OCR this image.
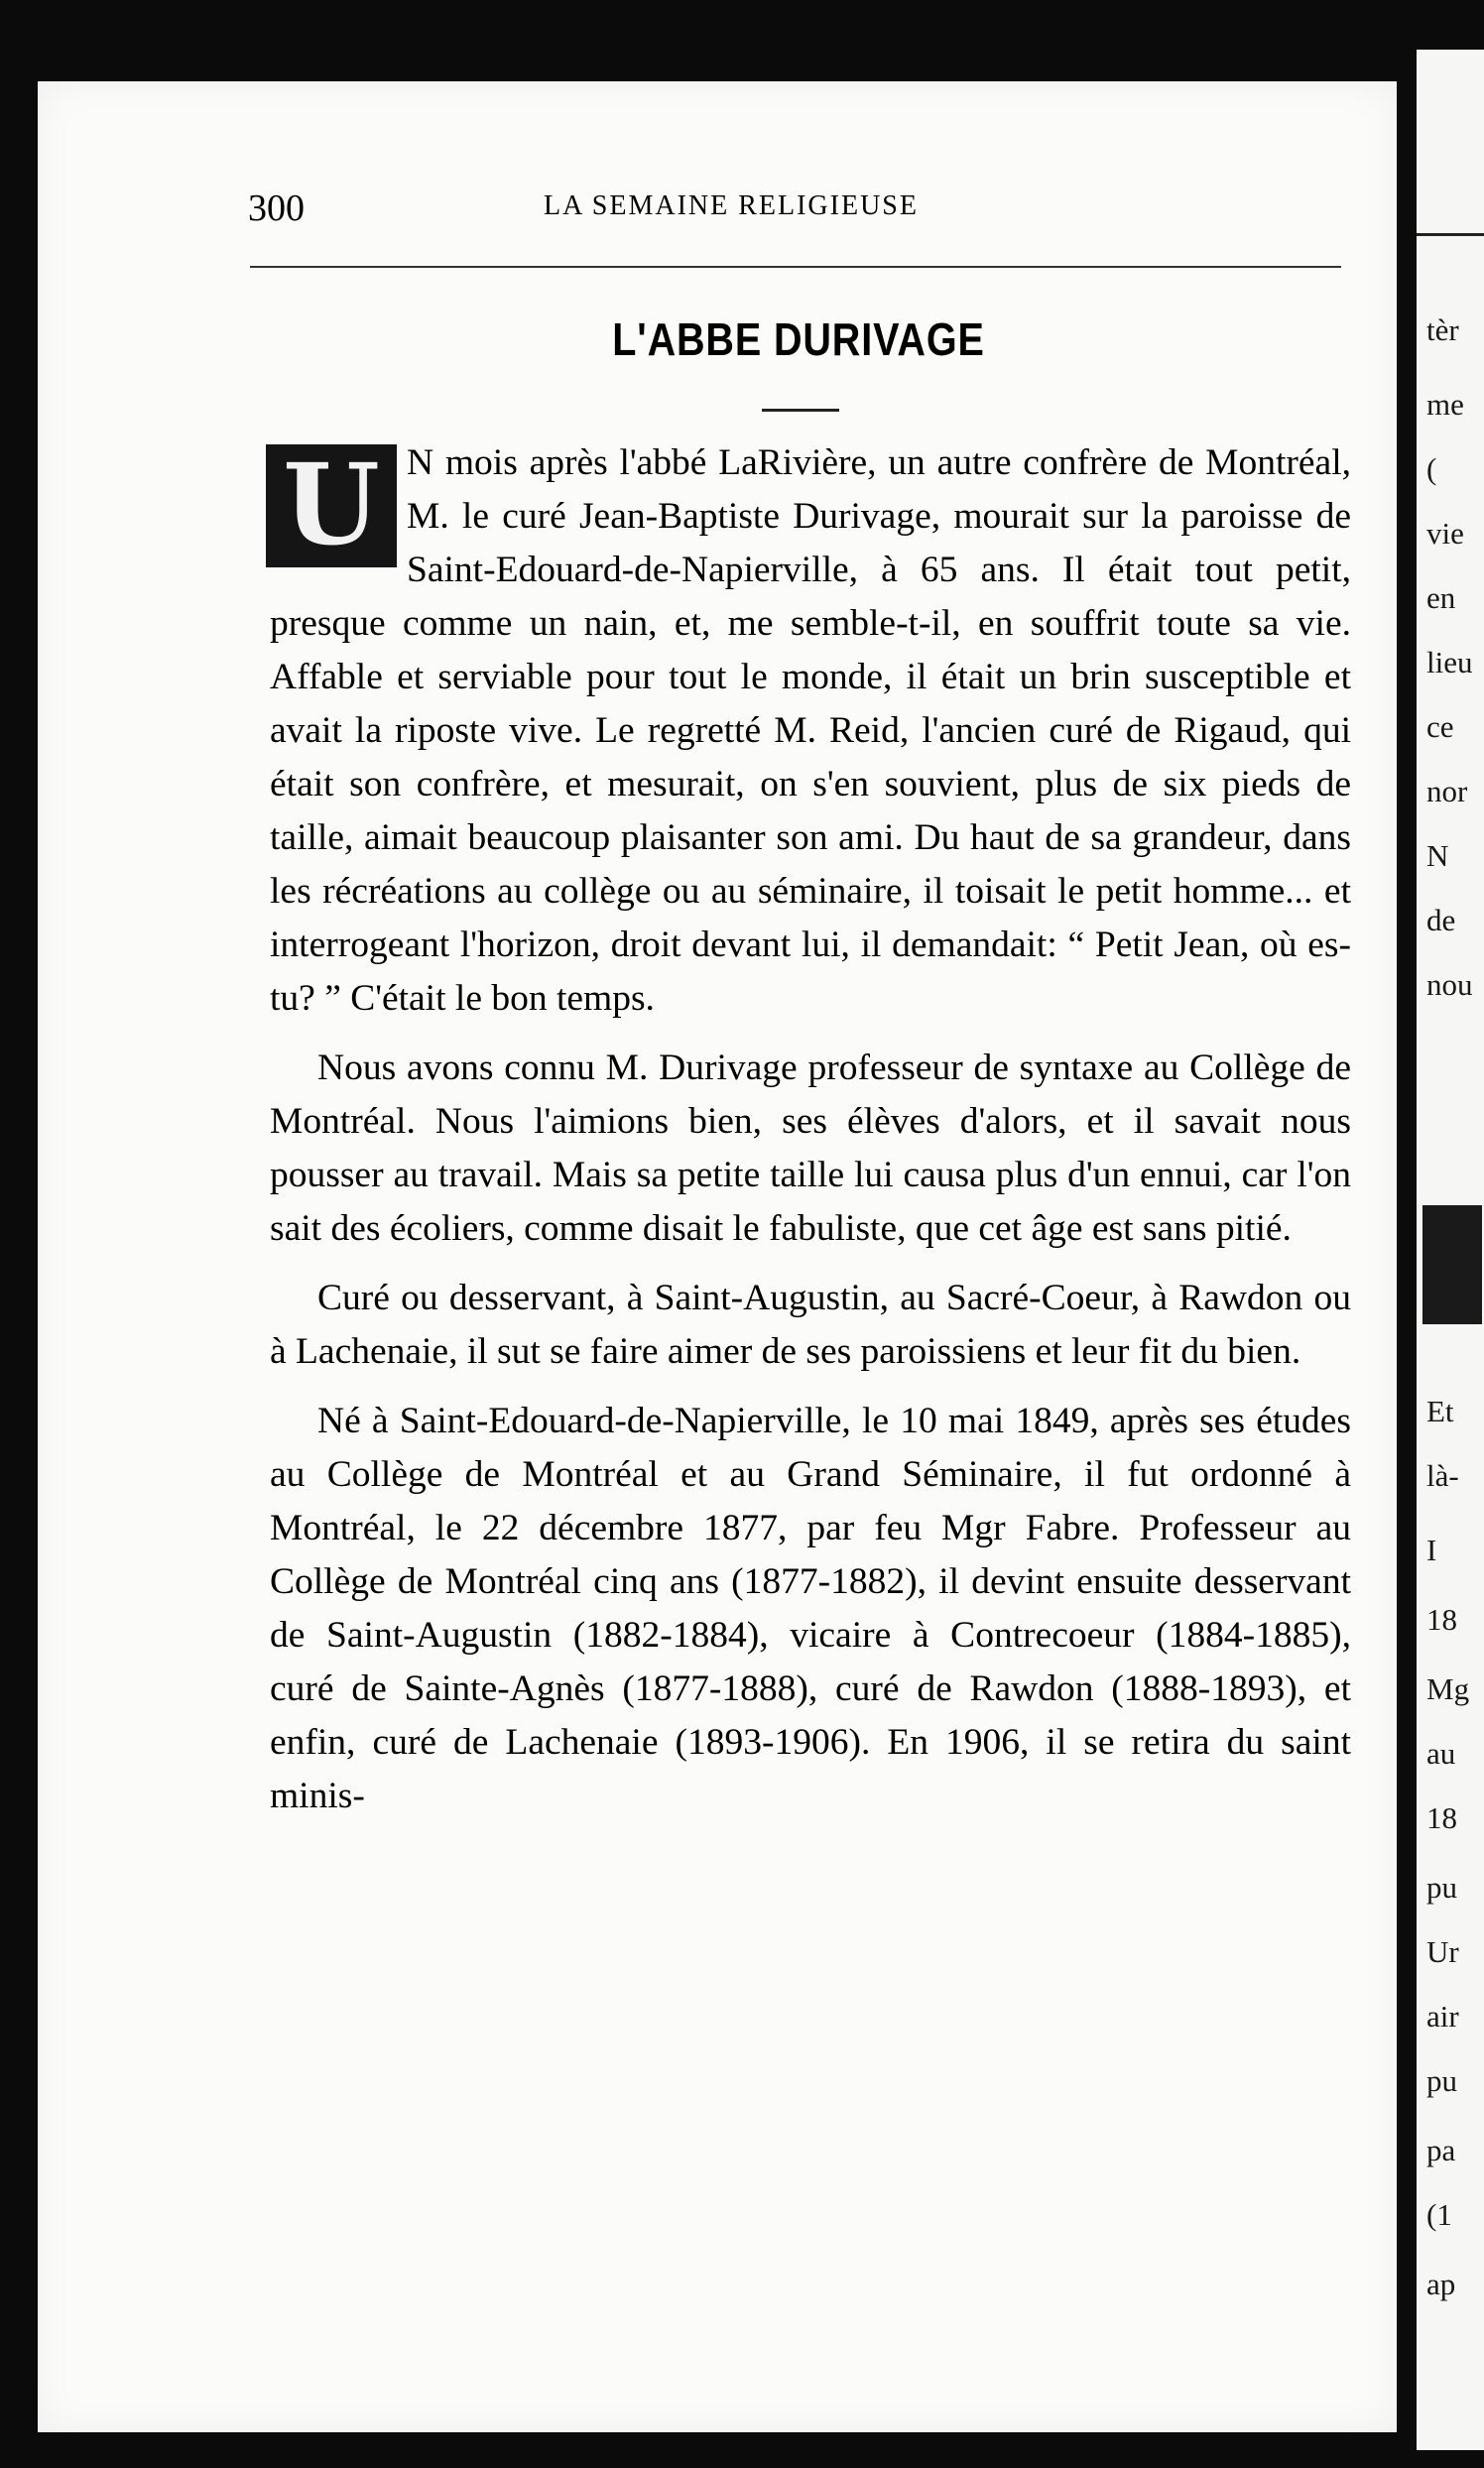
300	LA SEMAINE RELIGIEUSE
L'ABBE DURIVAGE

U N mois après l'abbé LaRivière, un autre confrère de Montréal, M. le curé Jean-Baptiste Durivage, mourait sur la paroisse de Saint-Edouard-de-Napierville, à 65 ans. Il était tout petit, presque comme un nain, et, me semble-t-il, en souffrit toute sa vie. Affable et serviable pour tout le monde, il était un brin susceptible et avait la riposte vive. Le regretté M. Reid, l'ancien curé de Rigaud, qui était son confrère, et mesurait, on s'en souvient, plus de six pieds de taille, aimait beaucoup plaisanter son ami. Du haut de sa grandeur, dans les récréations au collège ou au séminaire, il toisait le petit homme... et interrogeant l'horizon, droit devant lui, il demandait: “ Petit Jean, où es-tu? ” C'était le bon temps.

Nous avons connu M. Durivage professeur de syntaxe au Collège de Montréal. Nous l'aimions bien, ses élèves d'alors, et il savait nous pousser au travail. Mais sa petite taille lui causa plus d'un ennui, car l'on sait des écoliers, comme disait le fabuliste, que cet âge est sans pitié.

Curé ou desservant, à Saint-Augustin, au Sacré-Coeur, à Rawdon ou à Lachenaie, il sut se faire aimer de ses paroissiens et leur fit du bien.

Né à Saint-Edouard-de-Napierville, le 10 mai 1849, après ses études au Collège de Montréal et au Grand Séminaire, il fut ordonné à Montréal, le 22 décembre 1877, par feu Mgr Fabre. Professeur au Collège de Montréal cinq ans (1877-1882), il devint ensuite desservant de Saint-Augustin (1882-1884), vicaire à Contrecoeur (1884-1885), curé de Sainte-Agnès (1877-1888), curé de Rawdon (1888-1893), et enfin, curé de Lachenaie (1893-1906). En 1906, il se retira du saint minis-

tèr
me
(
vie
en
lieu
ce
nor
N
de
nou
Et
là-
I
18
Mg
au
18
pu
Ur
air
pu
pa
(1
ap
